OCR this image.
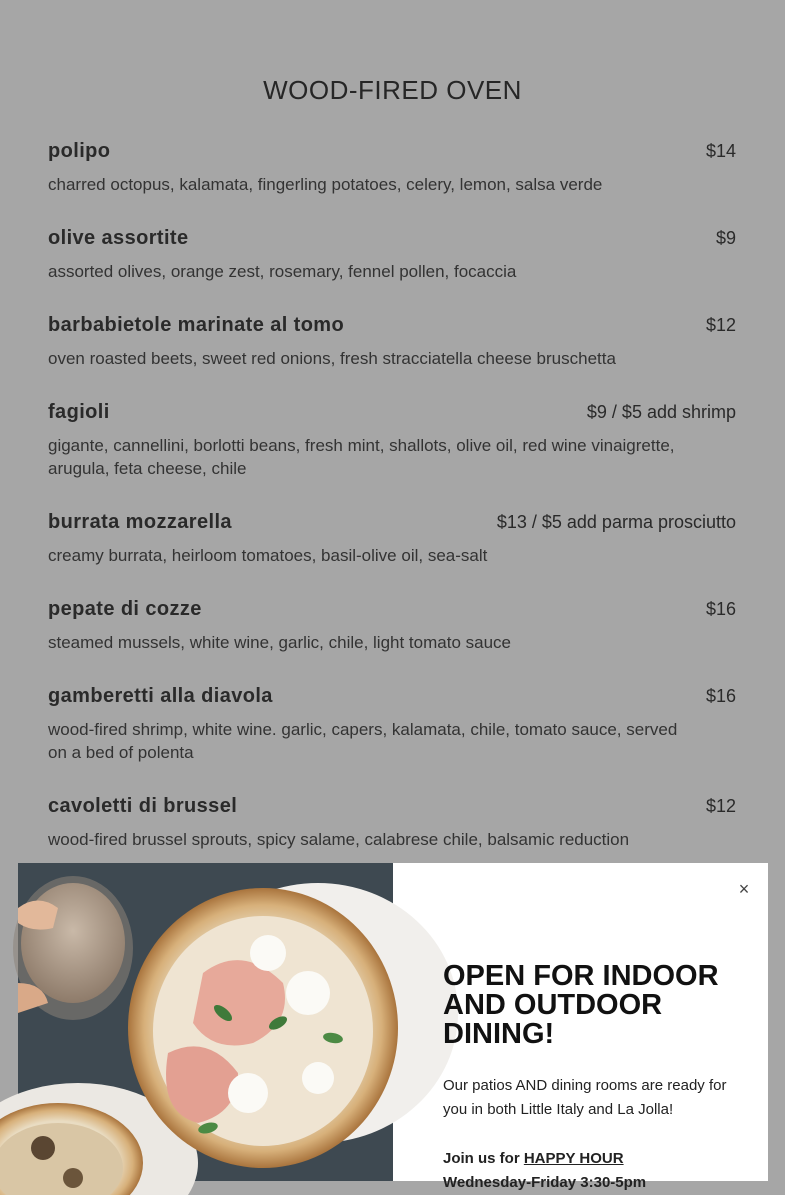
WOOD-FIRED OVEN
polipo	$14
charred octopus, kalamata, fingerling potatoes, celery, lemon, salsa verde
olive assortite	$9
assorted olives, orange zest, rosemary, fennel pollen, focaccia
barbabietole marinate al tomo	$12
oven roasted beets, sweet red onions, fresh stracciatella cheese bruschetta
fagioli	$9 / $5 add shrimp
gigante, cannellini, borlotti beans, fresh mint, shallots, olive oil, red wine vinaigrette, arugula, feta cheese, chile
burrata mozzarella	$13 / $5 add parma prosciutto
creamy burrata, heirloom tomatoes, basil-olive oil, sea-salt
pepate di cozze	$16
steamed mussels, white wine, garlic, chile, light tomato sauce
gamberetti alla diavola	$16
wood-fired shrimp, white wine. garlic, capers, kalamata, chile, tomato sauce, served on a bed of polenta
cavoletti di brussel	$12
wood-fired brussel sprouts, spicy salame, calabrese chile, balsamic reduction
×
OPEN FOR INDOOR AND OUTDOOR DINING!
Our patios AND dining rooms are ready for you in both Little Italy and La Jolla!
Join us for HAPPY HOUR
Wednesday-Friday 3:30-5pm
